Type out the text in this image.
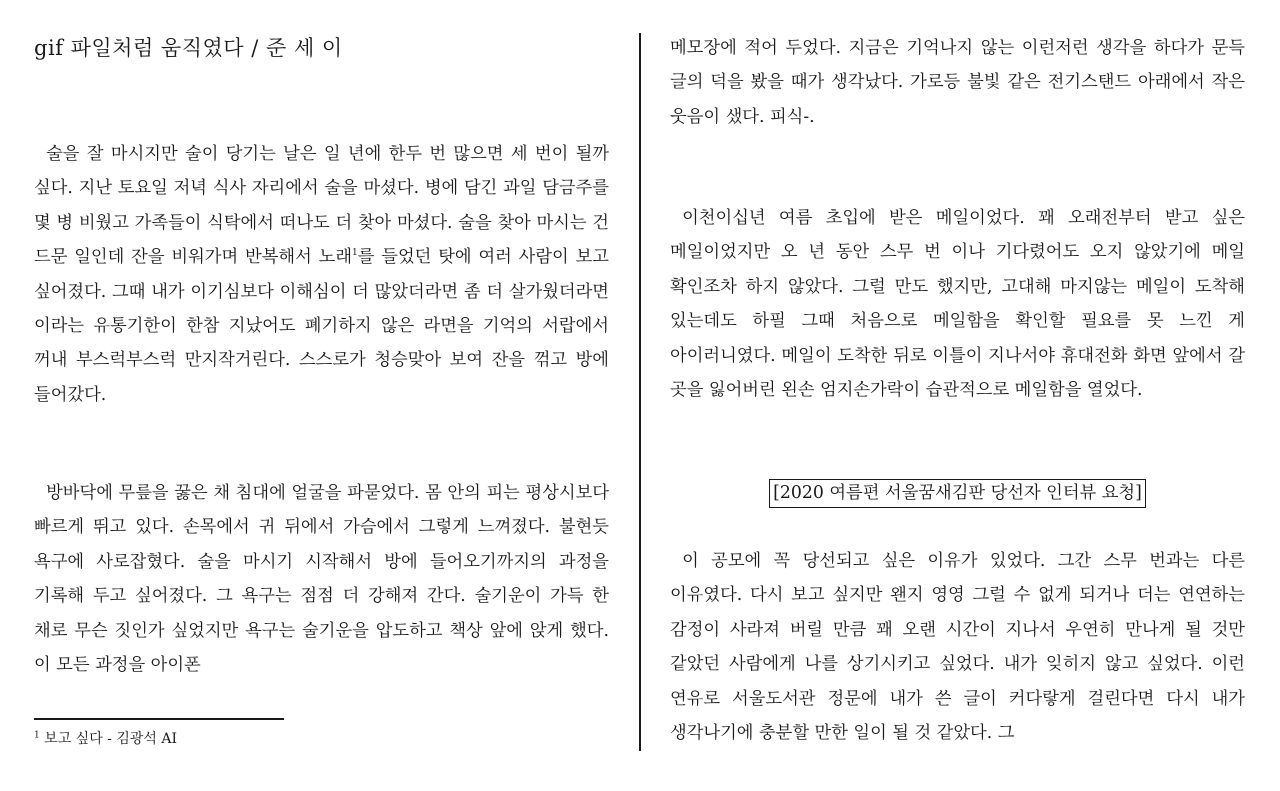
gif 파일처럼 움직였다 / 준 세 이

술을 잘 마시지만 술이 당기는 날은 일 년에 한두 번 많으면 세 번이 될까 싶다. 지난 토요일 저녁 식사 자리에서 술을 마셨다. 병에 담긴 과일 담금주를 몇 병 비웠고 가족들이 식탁에서 떠나도 더 찾아 마셨다. 술을 찾아 마시는 건 드문 일인데 잔을 비워가며 반복해서 노래$^1$를 들었던 탓에 여러 사람이 보고 싶어졌다. 그때 내가 이기심보다 이해심이 더 많았더라면 좀 더 살가웠더라면 이라는 유통기한이 한참 지났어도 폐기하지 않은 라면을 기억의 서랍에서 꺼내 부스럭부스럭 만지작거린다. 스스로가 청승맞아 보여 잔을 꺾고 방에 들어갔다.

방바닥에 무릎을 꿇은 채 침대에 얼굴을 파묻었다. 몸 안의 피는 평상시보다 빠르게 뛰고 있다. 손목에서 귀 뒤에서 가슴에서 그렇게 느껴졌다. 불현듯 욕구에 사로잡혔다. 술을 마시기 시작해서 방에 들어오기까지의 과정을 기록해 두고 싶어졌다. 그 욕구는 점점 더 강해져 간다. 술기운이 가득 한 채로 무슨 짓인가 싶었지만 욕구는 술기운을 압도하고 책상 앞에 앉게 했다. 이 모든 과정을 아이폰

$^1$ 보고 싶다 - 김광석 AI

메모장에 적어 두었다. 지금은 기억나지 않는 이런저런 생각을 하다가 문득 글의 덕을 봤을 때가 생각났다. 가로등 불빛 같은 전기스탠드 아래에서 작은 웃음이 샜다. 피식-.

이천이십년 여름 초입에 받은 메일이었다. 꽤 오래전부터 받고 싶은 메일이었지만 오 년 동안 스무 번 이나 기다렸어도 오지 않았기에 메일 확인조차 하지 않았다. 그럴 만도 했지만, 고대해 마지않는 메일이 도착해 있는데도 하필 그때 처음으로 메일함을 확인할 필요를 못 느낀 게 아이러니였다. 메일이 도착한 뒤로 이틀이 지나서야 휴대전화 화면 앞에서 갈 곳을 잃어버린 왼손 엄지손가락이 습관적으로 메일함을 열었다.

[2020 여름편 서울꿈새김판 당선자 인터뷰 요청]

이 공모에 꼭 당선되고 싶은 이유가 있었다. 그간 스무 번과는 다른 이유였다. 다시 보고 싶지만 왠지 영영 그럴 수 없게 되거나 더는 연연하는 감정이 사라져 버릴 만큼 꽤 오랜 시간이 지나서 우연히 만나게 될 것만 같았던 사람에게 나를 상기시키고 싶었다. 내가 잊히지 않고 싶었다. 이런 연유로 서울도서관 정문에 내가 쓴 글이 커다랗게 걸린다면 다시 내가 생각나기에 충분할 만한 일이 될 것 같았다. 그
